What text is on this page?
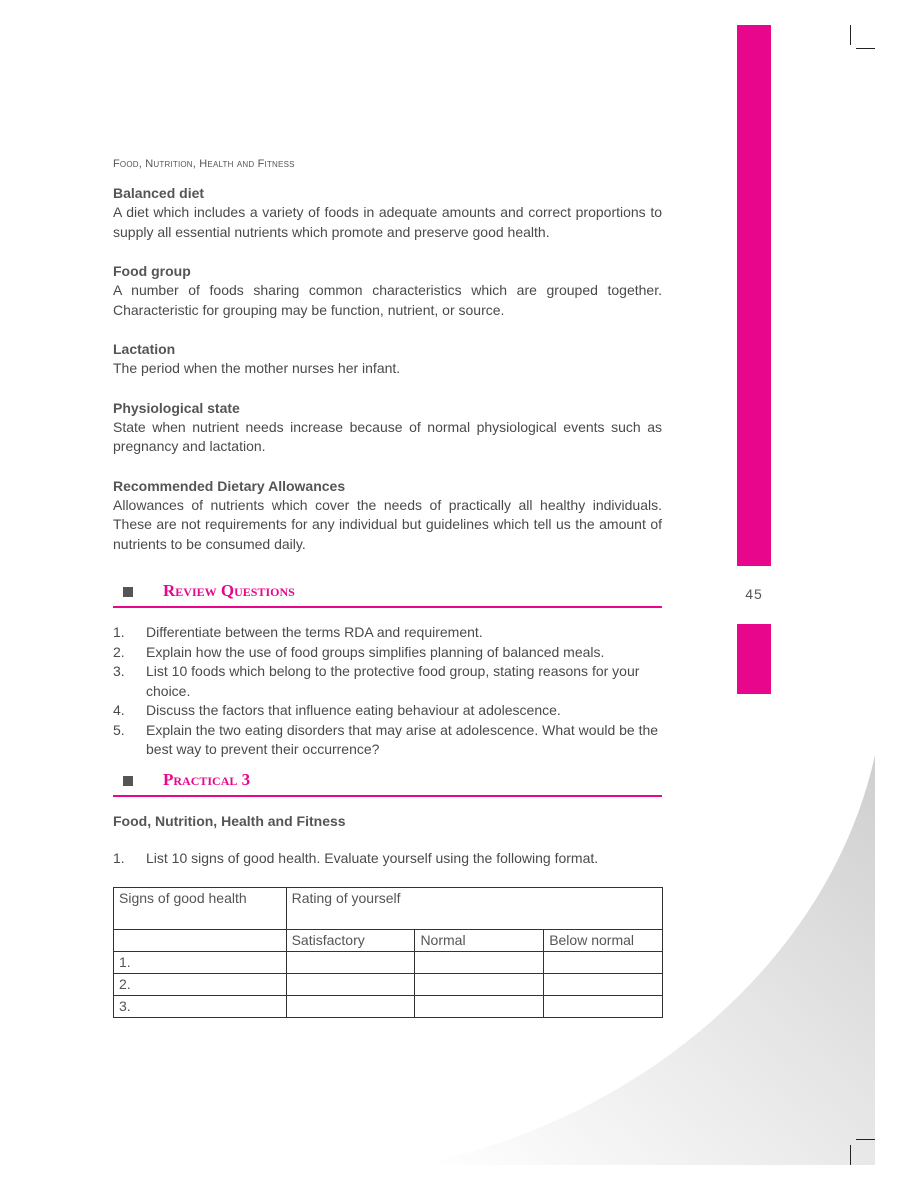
45
Food, Nutrition, Health and Fitness
Balanced diet
A diet which includes a variety of foods in adequate amounts and correct proportions to supply all essential nutrients which promote and preserve good health.
Food group
A number of foods sharing common characteristics which are grouped together. Characteristic for grouping may be function, nutrient, or source.
Lactation
The period when the mother nurses her infant.
Physiological state
State when nutrient needs increase because of normal physiological events such as pregnancy and lactation.
Recommended Dietary Allowances
Allowances of nutrients which cover the needs of practically all healthy individuals. These are not requirements for any individual but guidelines which tell us the amount of nutrients to be consumed daily.
Review Questions
1. Differentiate between the terms RDA and requirement.
2. Explain how the use of food groups simplifies planning of balanced meals.
3. List 10 foods which belong to the protective food group, stating reasons for your choice.
4. Discuss the factors that influence eating behaviour at adolescence.
5. Explain the two eating disorders that may arise at adolescence. What would be the best way to prevent their occurrence?
Practical 3
Food, Nutrition, Health and Fitness
1. List 10 signs of good health. Evaluate yourself using the following format.
Signs of good health	Rating of yourself		
	Satisfactory	Normal	Below normal
1.			
2.			
3.			
